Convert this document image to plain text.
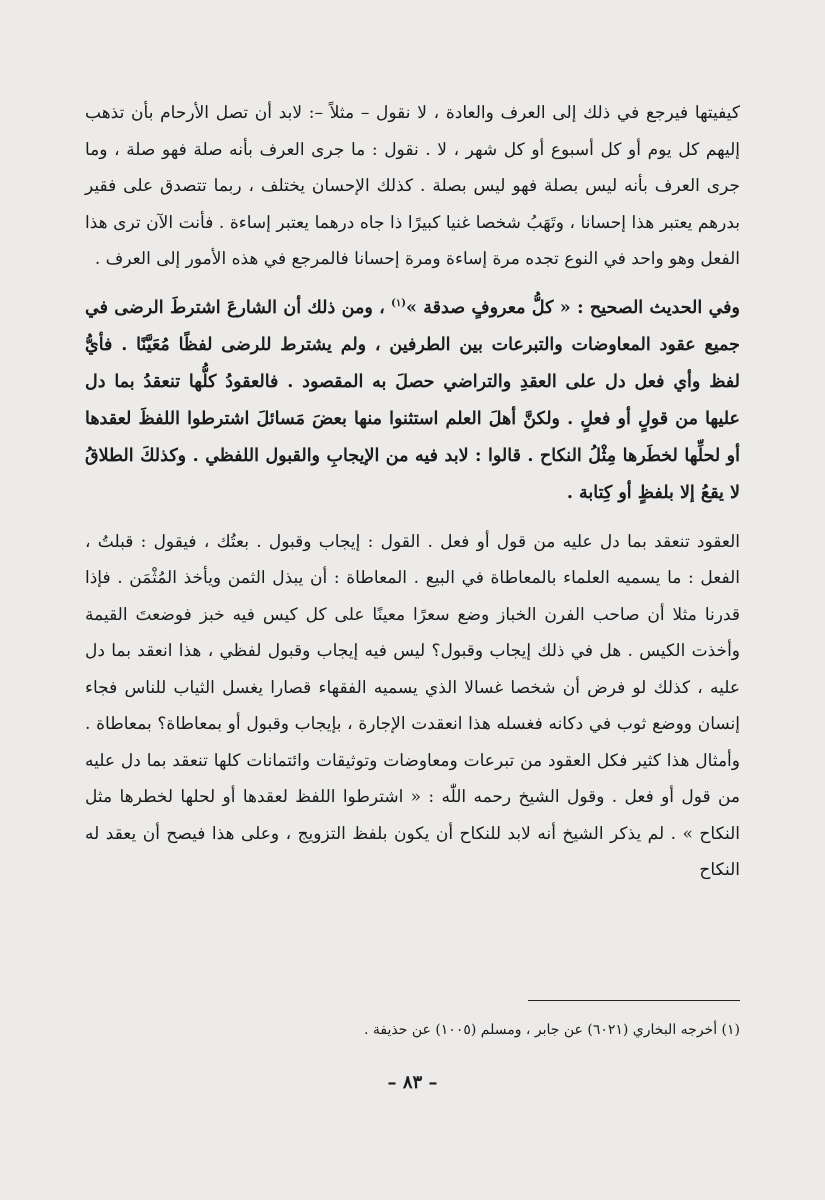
كيفيتها فيرجع في ذلك إلى العرف والعادة ، لا نقول – مثلاً –: لابد أن تصل الأرحام بأن تذهب إليهم كل يوم أو كل أسبوع أو كل شهر ، لا . نقول : ما جرى العرف بأنه صلة فهو صلة ، وما جرى العرف بأنه ليس بصلة فهو ليس بصلة . كذلك الإحسان يختلف ، ربما تتصدق على فقير بدرهم يعتبر هذا إحسانا ، وتَهَبُ شخصا غنيا كبيرًا ذا جاه درهما يعتبر إساءة . فأنت الآن ترى هذا الفعل وهو واحد في النوع تجده مرة إساءة ومرة إحسانا فالمرجع في هذه الأمور إلى العرف .

وفي الحديث الصحيح : « كلُّ معروفٍ صدقة »$^{(١)}$ ، ومن ذلك أن الشارعَ اشترطَ الرضى في جميع عقود المعاوضات والتبرعات بين الطرفين ، ولم يشترط للرضى لفظًا مُعَيَّنًا . فأيُّ لفظ وأي فعل دل على العقدِ والتراضي حصلَ به المقصود . فالعقودُ كلُّها تنعقدُ بما دل عليها من قولٍ أو فعلٍ . ولكنَّ أهلَ العلم استثنوا منها بعضَ مَسائلَ اشترطوا اللفظَ لعقدها أو لحلِّها لخطَرها مِثْلُ النكاح . قالوا : لابد فيه من الإيجابِ والقبول اللفظي . وكذلكَ الطلاقُ لا يقعُ إلا بلفظٍ أو كِتابة .

العقود تنعقد بما دل عليه من قول أو فعل . القول : إيجاب وقبول . بعتُك ، فيقول : قبلتُ ، الفعل : ما يسميه العلماء بالمعاطاة في البيع . المعاطاة : أن يبذل الثمن ويأخذ المُثْمَن . فإذا قدرنا مثلا أن صاحب الفرن الخباز وضع سعرًا معينًا على كل كيس فيه خبز فوضعتَ القيمة وأخذت الكيس . هل في ذلك إيجاب وقبول؟ ليس فيه إيجاب وقبول لفظي ، هذا انعقد بما دل عليه ، كذلك لو فرض أن شخصا غسالا الذي يسميه الفقهاء قصارا يغسل الثياب للناس فجاء إنسان ووضع ثوب في دكانه فغسله هذا انعقدت الإجارة ، بإيجاب وقبول أو بمعاطاة؟ بمعاطاة . وأمثال هذا كثير فكل العقود من تبرعات ومعاوضات وتوثيقات وائتمانات كلها تنعقد بما دل عليه من قول أو فعل . وقول الشيخ رحمه اللّٰه : « اشترطوا اللفظ لعقدها أو لحلها لخطرها مثل النكاح » . لم يذكر الشيخ أنه لابد للنكاح أن يكون بلفظ التزويج ، وعلى هذا فيصح أن يعقد له النكاح

(١) أخرجه البخاري (٦٠٢١) عن جابر ، ومسلم (١٠٠٥) عن حذيفة .
– ٨٣ –
